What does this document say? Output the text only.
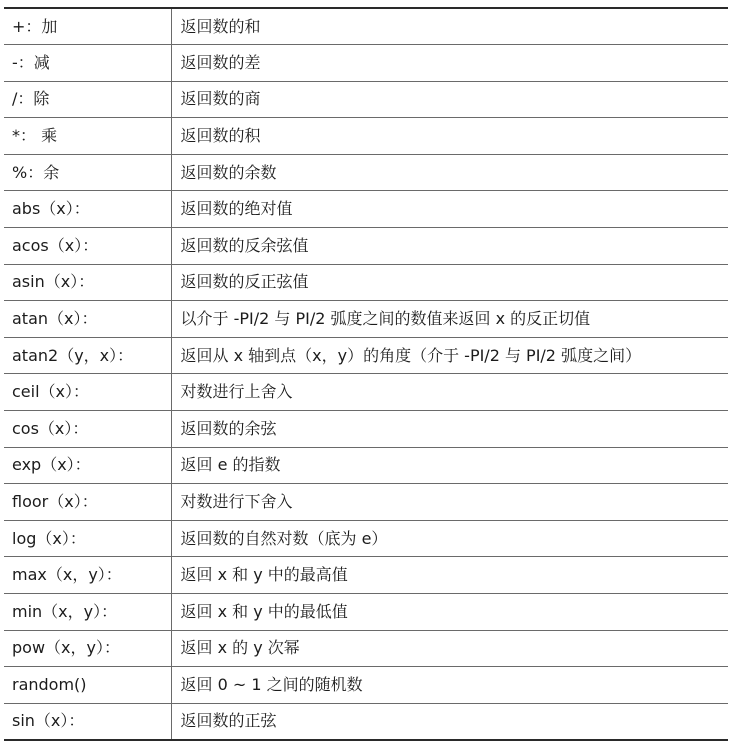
+：加	返回数的和
-：减	返回数的差
/：除	返回数的商
*： 乘	返回数的积
%：余	返回数的余数
abs（x）：	返回数的绝对值
acos（x）：	返回数的反余弦值
asin（x）：	返回数的反正弦值
atan（x）：	以介于 -PI/2 与 PI/2 弧度之间的数值来返回 x 的反正切值
atan2（y，x）：	返回从 x 轴到点（x，y）的角度（介于 -PI/2 与 PI/2 弧度之间）
ceil（x）：	对数进行上舍入
cos（x）：	返回数的余弦
exp（x）：	返回 e 的指数
floor（x）：	对数进行下舍入
log（x）：	返回数的自然对数（底为 e）
max（x，y）：	返回 x 和 y 中的最高值
min（x，y）：	返回 x 和 y 中的最低值
pow（x，y）：	返回 x 的 y 次幂
random()	返回 0 ~ 1 之间的随机数
sin（x）：	返回数的正弦
